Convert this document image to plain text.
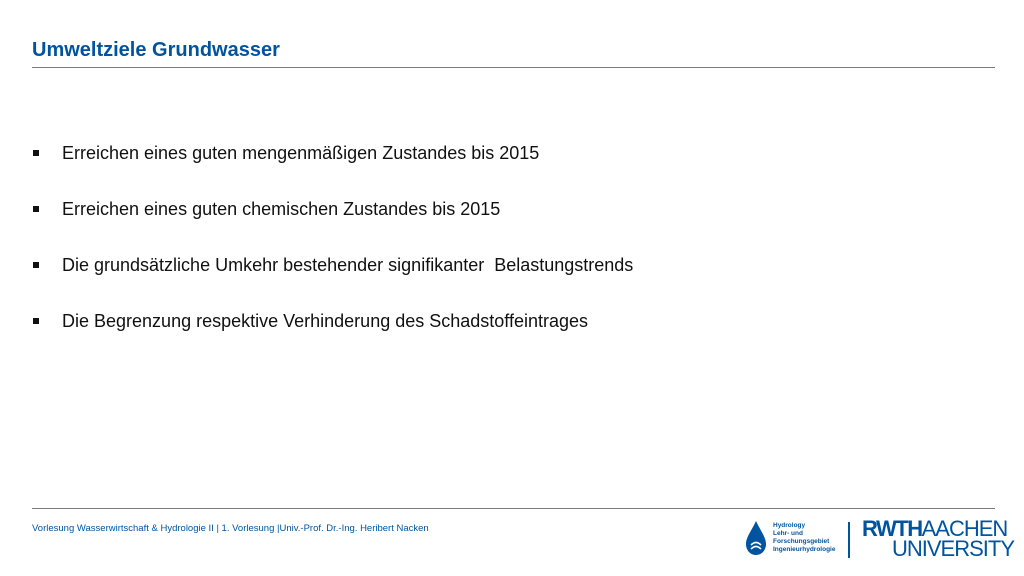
Umweltziele Grundwasser
Erreichen eines guten mengenmäßigen Zustandes bis 2015
Erreichen eines guten chemischen Zustandes bis 2015
Die grundsätzliche Umkehr bestehender signifikanter  Belastungstrends
Die Begrenzung respektive Verhinderung des Schadstoffeintrages
Vorlesung Wasserwirtschaft & Hydrologie II | 1. Vorlesung |Univ.-Prof. Dr.-Ing. Heribert Nacken	Hydrology
Lehr- und
Forschungsgebiet
Ingenieurhydrologie
RWTHAACHEN
UNIVERSITY
